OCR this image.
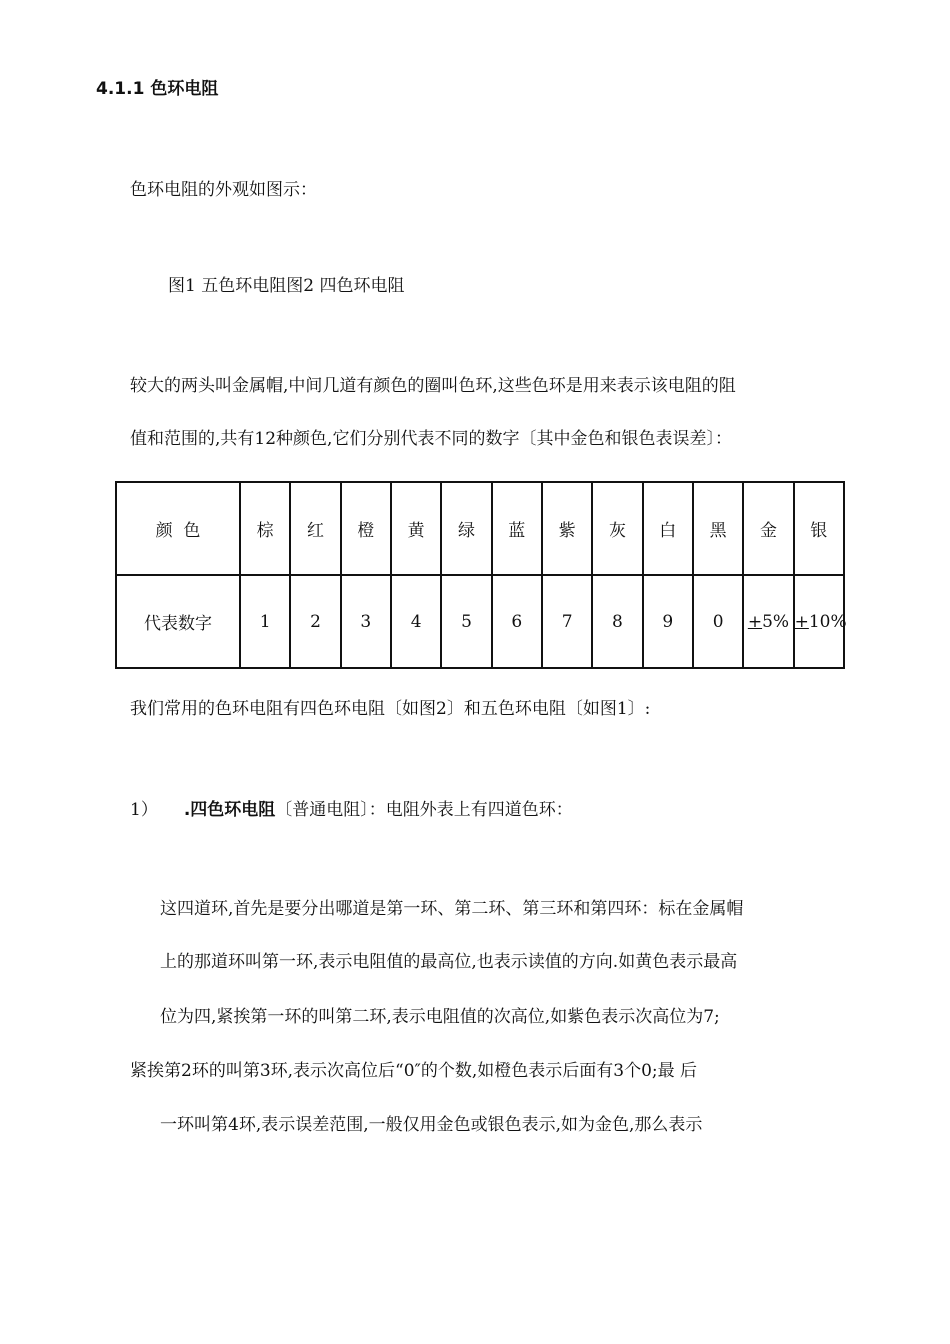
4.1.1 色环电阻
色环电阻的外观如图示：
图1 五色环电阻图2 四色环电阻
较大的两头叫金属帽,中间几道有颜色的圈叫色环,这些色环是用来表示该电阻的阻
值和范围的,共有12种颜色,它们分别代表不同的数字〔其中金色和银色表误差〕：
颜  色	棕	红	橙	黄	绿	蓝	紫	灰	白	黑	金	银
代表数字	1	2	3	4	5	6	7	8	9	0	+5%	+10%
我们常用的色环电阻有四色环电阻〔如图2〕和五色环电阻〔如图1〕:
1） .四色环电阻〔普通电阻〕：电阻外表上有四道色环：
这四道环,首先是要分出哪道是第一环、第二环、第三环和第四环：标在金属帽
上的那道环叫第一环,表示电阻值的最高位,也表示读值的方向.如黄色表示最高
位为四,紧挨第一环的叫第二环,表示电阻值的次高位,如紫色表示次高位为7;
紧挨第2环的叫第3环,表示次高位后“0″的个数,如橙色表示后面有3个0;最 后
一环叫第4环,表示误差范围,一般仅用金色或银色表示,如为金色,那么表示
